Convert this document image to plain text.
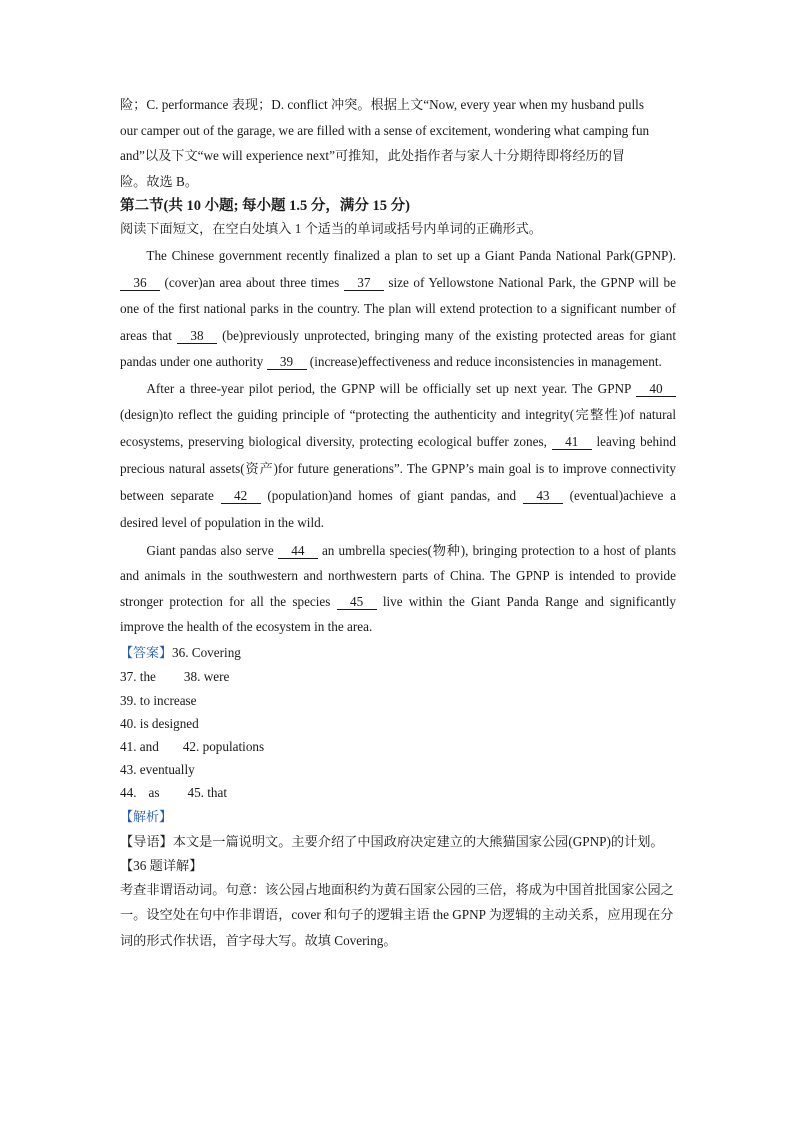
险；C. performance 表现；D. conflict 冲突。根据上文“Now, every year when my husband pulls

our camper out of the garage, we are filled with a sense of excitement, wondering what camping fun

and”以及下文“we will experience next”可推知，此处指作者与家人十分期待即将经历的冒

险。故选 B。

第二节(共 10 小题; 每小题 1.5 分，满分 15 分)

阅读下面短文，在空白处填入 1 个适当的单词或括号内单词的正确形式。

The Chinese government recently finalized a plan to set up a Giant Panda National Park(GPNP). 36 (cover)an area about three times 37 size of Yellowstone National Park, the GPNP will be one of the first national parks in the country. The plan will extend protection to a significant number of areas that 38 (be)previously unprotected, bringing many of the existing protected areas for giant pandas under one authority 39 (increase)effectiveness and reduce inconsistencies in management.

After a three-year pilot period, the GPNP will be officially set up next year. The GPNP 40 (design)to reflect the guiding principle of “protecting the authenticity and integrity(完整性)of natural ecosystems, preserving biological diversity, protecting ecological buffer zones, 41 leaving behind precious natural assets(资产)for future generations”. The GPNP’s main goal is to improve connectivity between separate 42 (population)and homes of giant pandas, and 43 (eventual)achieve a desired level of population in the wild.

Giant pandas also serve 44 an umbrella species(物种), bringing protection to a host of plants and animals in the southwestern and northwestern parts of China. The GPNP is intended to provide stronger protection for all the species 45 live within the Giant Panda Range and significantly improve the health of the ecosystem in the area.

【答案】36. Covering

37. the 38. were

39. to increase

40. is designed

41. and 42. populations

43. eventually

44. as 45. that

【解析】

【导语】本文是一篇说明文。主要介绍了中国政府决定建立的大熊猫国家公园(GPNP)的计划。

【36 题详解】

考查非谓语动词。句意：该公园占地面积约为黄石国家公园的三倍，将成为中国首批国家公园之一。设空处在句中作非谓语，cover 和句子的逻辑主语 the GPNP 为逻辑的主动关系，应用现在分词的形式作状语，首字母大写。故填 Covering。
